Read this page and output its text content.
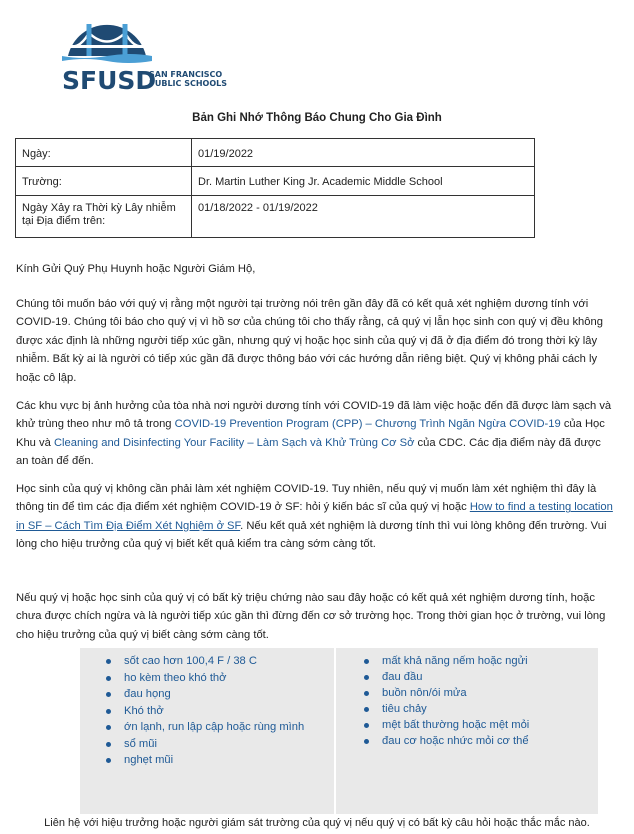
SFUSD
SAN FRANCISCO
PUBLIC SCHOOLS
Bản Ghi Nhớ Thông Báo Chung Cho Gia Đình
Ngày:	01/19/2022
Trường:	Dr. Martin Luther King Jr. Academic Middle School
Ngày Xảy ra Thời kỳ Lây nhiễm tại Địa điểm trên:	01/18/2022 - 01/19/2022
Kính Gửi Quý Phụ Huynh hoặc Người Giám Hộ,
Chúng tôi muốn báo với quý vị rằng một người tại trường nói trên gần đây đã có kết quả xét nghiệm dương tính với COVID-19. Chúng tôi báo cho quý vị vì hồ sơ của chúng tôi cho thấy rằng, cả quý vị lẫn học sinh con quý vị đều không được xác định là những người tiếp xúc gần, nhưng quý vị hoặc học sinh của quý vị đã ở địa điểm đó trong thời kỳ lây nhiễm. Bất kỳ ai là người có tiếp xúc gần đã được thông báo với các hướng dẫn riêng biệt. Quý vị không phải cách ly hoặc cô lập.
Các khu vực bị ảnh hưởng của tòa nhà nơi người dương tính với COVID-19 đã làm việc hoặc đến đã được làm sạch và khử trùng theo như mô tả trong COVID-19 Prevention Program (CPP) – Chương Trình Ngăn Ngừa COVID-19 của Học Khu và Cleaning and Disinfecting Your Facility – Làm Sạch và Khử Trùng Cơ Sở của CDC. Các địa điểm này đã được an toàn để đến.
Học sinh của quý vị không cần phải làm xét nghiệm COVID-19. Tuy nhiên, nếu quý vị muốn làm xét nghiệm thì đây là thông tin để tìm các địa điểm xét nghiệm COVID-19 ở SF: hỏi ý kiến bác sĩ của quý vị hoặc How to find a testing location in SF – Cách Tìm Địa Điểm Xét Nghiệm ở SF. Nếu kết quả xét nghiệm là dương tính thì vui lòng không đến trường. Vui lòng cho hiệu trưởng của quý vị biết kết quả kiểm tra càng sớm càng tốt.
Nếu quý vị hoặc học sinh của quý vị có bất kỳ triệu chứng nào sau đây hoặc có kết quả xét nghiệm dương tính, hoặc chưa được chích ngừa và là người tiếp xúc gần thì đừng đến cơ sở trường học. Trong thời gian học ở trường, vui lòng cho hiệu trưởng của quý vị biết càng sớm càng tốt.
sốt cao hơn 100,4 F / 38 C
ho kèm theo khó thở
đau họng
Khó thở
ớn lạnh, run lập cập hoặc rùng mình
sổ mũi
nghẹt mũi
mất khả năng nếm hoặc ngửi
đau đầu
buồn nôn/ói mửa
tiêu chảy
mệt bất thường hoặc mệt mỏi
đau cơ hoặc nhức mỏi cơ thể
Liên hệ với hiệu trưởng hoặc người giám sát trường của quý vị nếu quý vị có bất kỳ câu hỏi hoặc thắc mắc nào.
